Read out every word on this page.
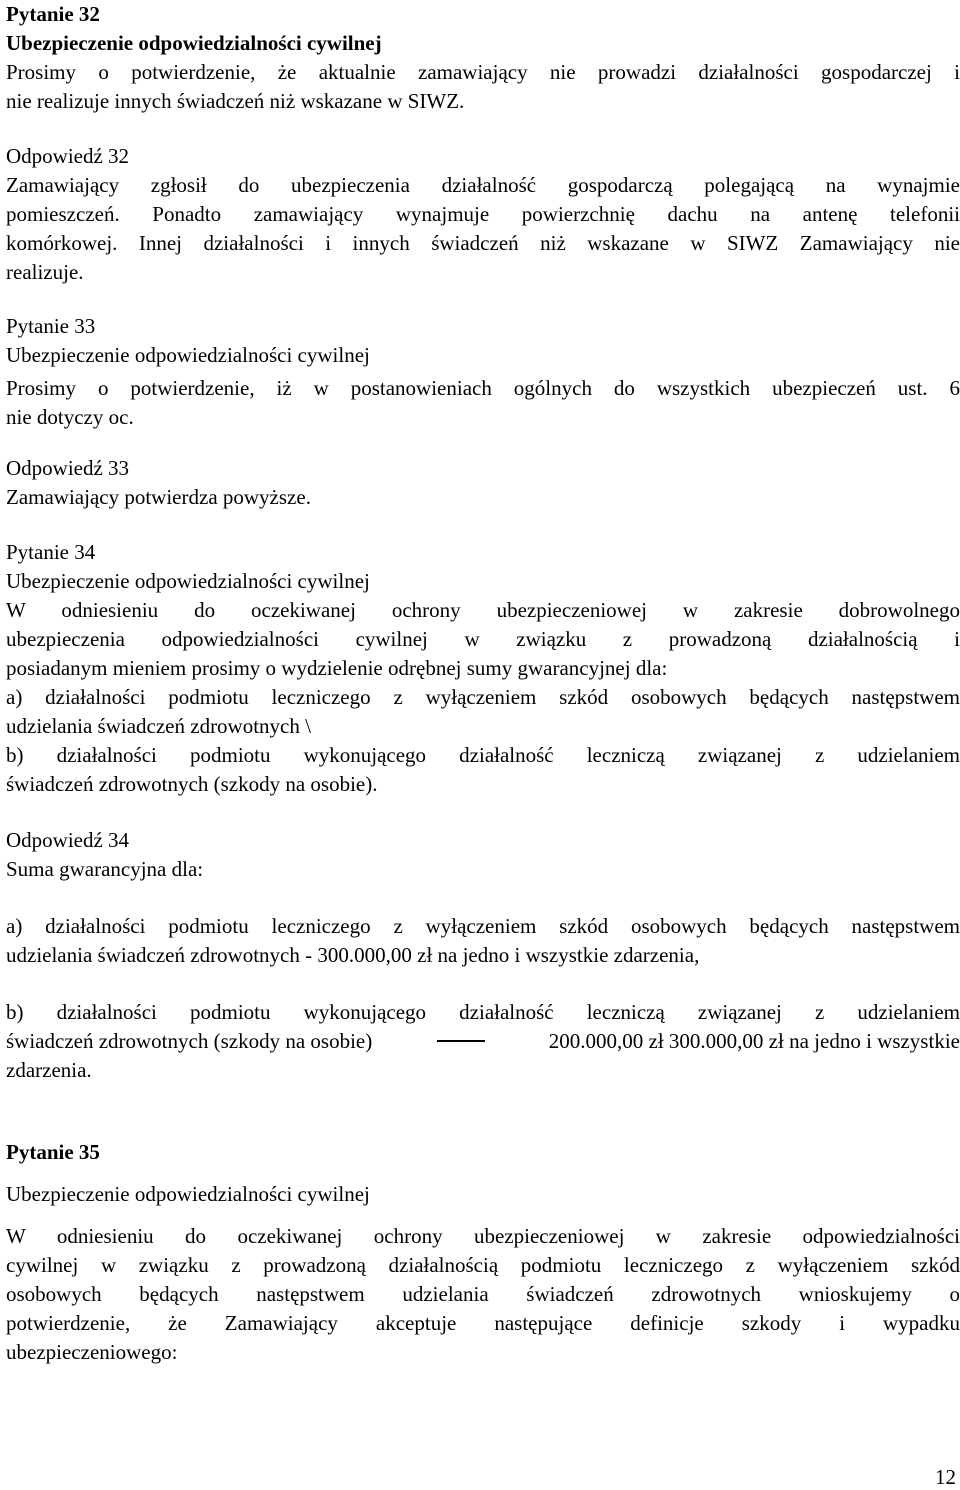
Pytanie 32
Ubezpieczenie odpowiedzialności cywilnej
Prosimy o potwierdzenie, że aktualnie zamawiający nie prowadzi działalności gospodarczej i
nie realizuje innych świadczeń niż wskazane w SIWZ.
Odpowiedź 32
Zamawiający zgłosił do ubezpieczenia działalność gospodarczą polegającą na wynajmie
pomieszczeń. Ponadto zamawiający wynajmuje powierzchnię dachu na antenę telefonii
komórkowej. Innej działalności i innych świadczeń niż wskazane w SIWZ Zamawiający nie
realizuje.
Pytanie 33
Ubezpieczenie odpowiedzialności cywilnej
Prosimy o potwierdzenie, iż w postanowieniach ogólnych do wszystkich ubezpieczeń ust. 6
nie dotyczy oc.
Odpowiedź 33
Zamawiający potwierdza powyższe.
Pytanie 34
Ubezpieczenie odpowiedzialności cywilnej
W odniesieniu do oczekiwanej ochrony ubezpieczeniowej w zakresie dobrowolnego
ubezpieczenia odpowiedzialności cywilnej w związku z prowadzoną działalnością i
posiadanym mieniem prosimy o wydzielenie odrębnej sumy gwarancyjnej dla:
a) działalności podmiotu leczniczego z wyłączeniem szkód osobowych będących następstwem
udzielania świadczeń zdrowotnych \
b) działalności podmiotu wykonującego działalność leczniczą związanej z udzielaniem
świadczeń zdrowotnych (szkody na osobie).
Odpowiedź 34
Suma gwarancyjna dla:
a) działalności podmiotu leczniczego z wyłączeniem szkód osobowych będących następstwem
udzielania świadczeń zdrowotnych - 300.000,00 zł na jedno i wszystkie zdarzenia,
b) działalności podmiotu wykonującego działalność leczniczą związanej z udzielaniem
świadczeń zdrowotnych (szkody na osobie)	200.000,00 zł 300.000,00 zł na jedno i wszystkie
zdarzenia.
Pytanie 35
Ubezpieczenie odpowiedzialności cywilnej
W odniesieniu do oczekiwanej ochrony ubezpieczeniowej w zakresie odpowiedzialności
cywilnej w związku z prowadzoną działalnością podmiotu leczniczego z wyłączeniem szkód
osobowych będących następstwem udzielania świadczeń zdrowotnych wnioskujemy o
potwierdzenie, że Zamawiający akceptuje następujące definicje szkody i wypadku
ubezpieczeniowego:
12
